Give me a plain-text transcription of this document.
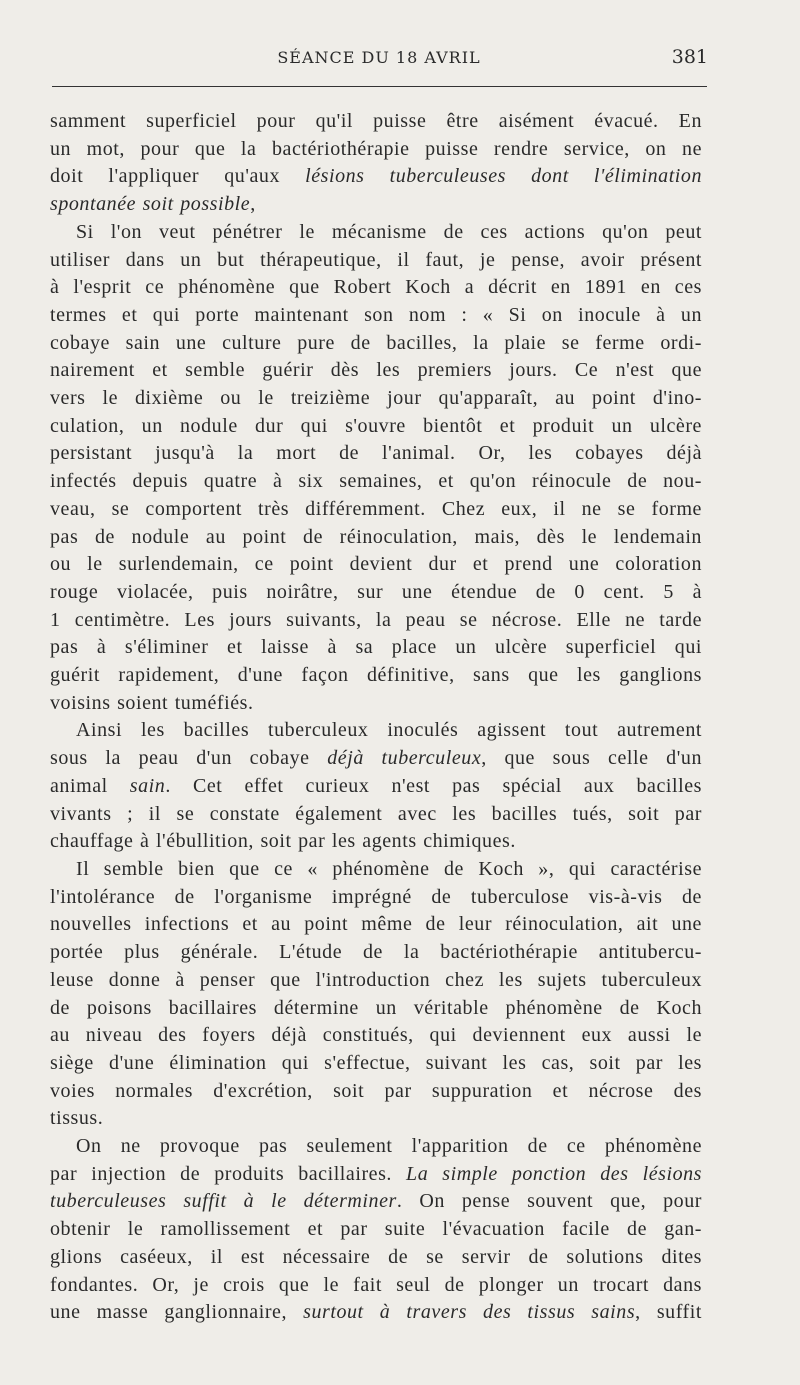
SÉANCE DU 18 AVRIL	381
samment superficiel pour qu'il puisse être aisément évacué. En
un mot, pour que la bactériothérapie puisse rendre service, on ne
doit l'appliquer qu'aux lésions tuberculeuses dont l'élimination
spontanée soit possible,
Si l'on veut pénétrer le mécanisme de ces actions qu'on peut
utiliser dans un but thérapeutique, il faut, je pense, avoir présent
à l'esprit ce phénomène que Robert Koch a décrit en 1891 en ces
termes et qui porte maintenant son nom : « Si on inocule à un
cobaye sain une culture pure de bacilles, la plaie se ferme ordi-
nairement et semble guérir dès les premiers jours. Ce n'est que
vers le dixième ou le treizième jour qu'apparaît, au point d'ino-
culation, un nodule dur qui s'ouvre bientôt et produit un ulcère
persistant jusqu'à la mort de l'animal. Or, les cobayes déjà
infectés depuis quatre à six semaines, et qu'on réinocule de nou-
veau, se comportent très différemment. Chez eux, il ne se forme
pas de nodule au point de réinoculation, mais, dès le lendemain
ou le surlendemain, ce point devient dur et prend une coloration
rouge violacée, puis noirâtre, sur une étendue de 0 cent. 5 à
1 centimètre. Les jours suivants, la peau se nécrose. Elle ne tarde
pas à s'éliminer et laisse à sa place un ulcère superficiel qui
guérit rapidement, d'une façon définitive, sans que les ganglions
voisins soient tuméfiés.
Ainsi les bacilles tuberculeux inoculés agissent tout autrement
sous la peau d'un cobaye déjà tuberculeux, que sous celle d'un
animal sain. Cet effet curieux n'est pas spécial aux bacilles
vivants ; il se constate également avec les bacilles tués, soit par
chauffage à l'ébullition, soit par les agents chimiques.
Il semble bien que ce « phénomène de Koch », qui caractérise
l'intolérance de l'organisme imprégné de tuberculose vis-à-vis de
nouvelles infections et au point même de leur réinoculation, ait une
portée plus générale. L'étude de la bactériothérapie antitubercu-
leuse donne à penser que l'introduction chez les sujets tuberculeux
de poisons bacillaires détermine un véritable phénomène de Koch
au niveau des foyers déjà constitués, qui deviennent eux aussi le
siège d'une élimination qui s'effectue, suivant les cas, soit par les
voies normales d'excrétion, soit par suppuration et nécrose des
tissus.
On ne provoque pas seulement l'apparition de ce phénomène
par injection de produits bacillaires. La simple ponction des lésions
tuberculeuses suffit à le déterminer. On pense souvent que, pour
obtenir le ramollissement et par suite l'évacuation facile de gan-
glions caséeux, il est nécessaire de se servir de solutions dites
fondantes. Or, je crois que le fait seul de plonger un trocart dans
une masse ganglionnaire, surtout à travers des tissus sains, suffit
